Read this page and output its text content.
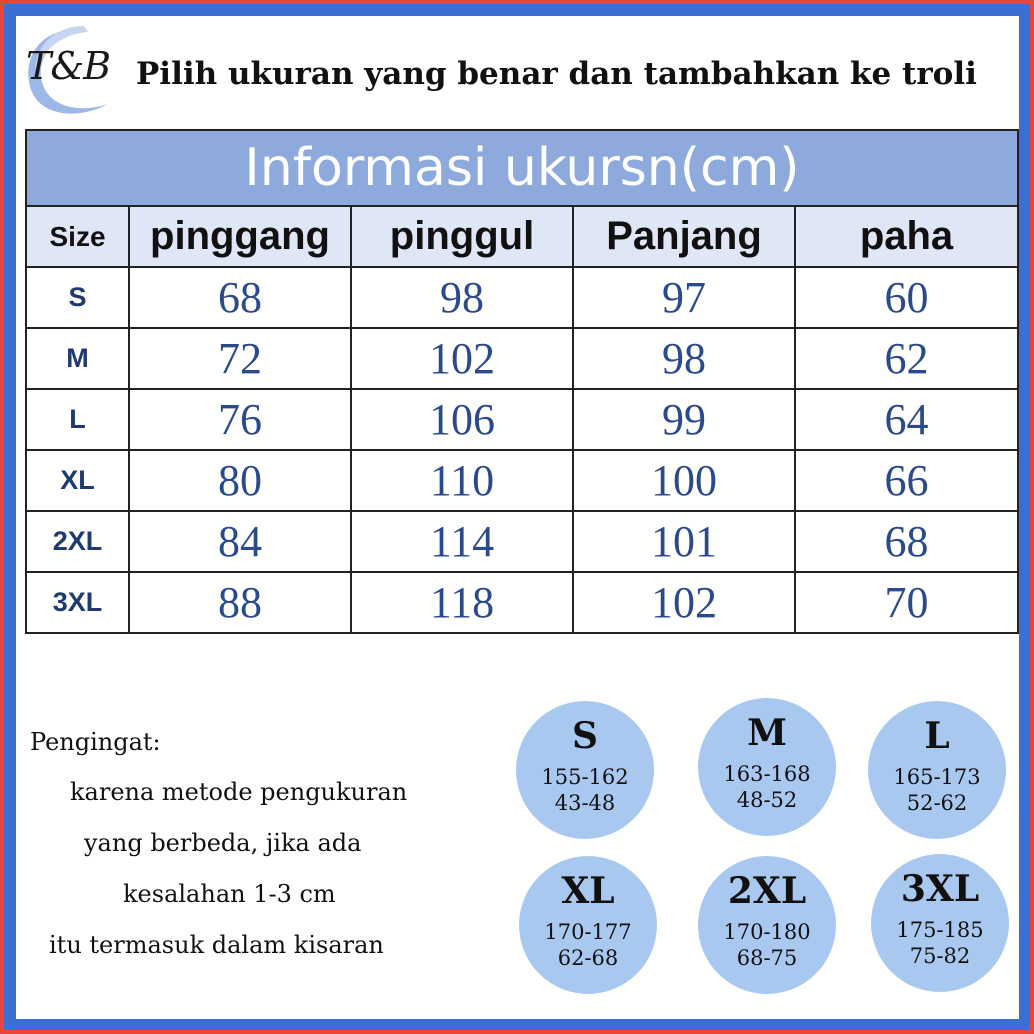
T&B Pilih ukuran yang benar dan tambahkan ke troli
Informasi ukursn(cm)
Size	pinggang	pinggul	Panjang	paha
S	68	98	97	60
M	72	102	98	62
L	76	106	99	64
XL	80	110	100	66
2XL	84	114	101	68
3XL	88	118	102	70
Pengingat:
karena metode pengukuran
yang berbeda, jika ada
kesalahan 1-3 cm
itu termasuk dalam kisaran
S
155-162
43-48
M
163-168
48-52
L
165-173
52-62
XL
170-177
62-68
2XL
170-180
68-75
3XL
175-185
75-82
